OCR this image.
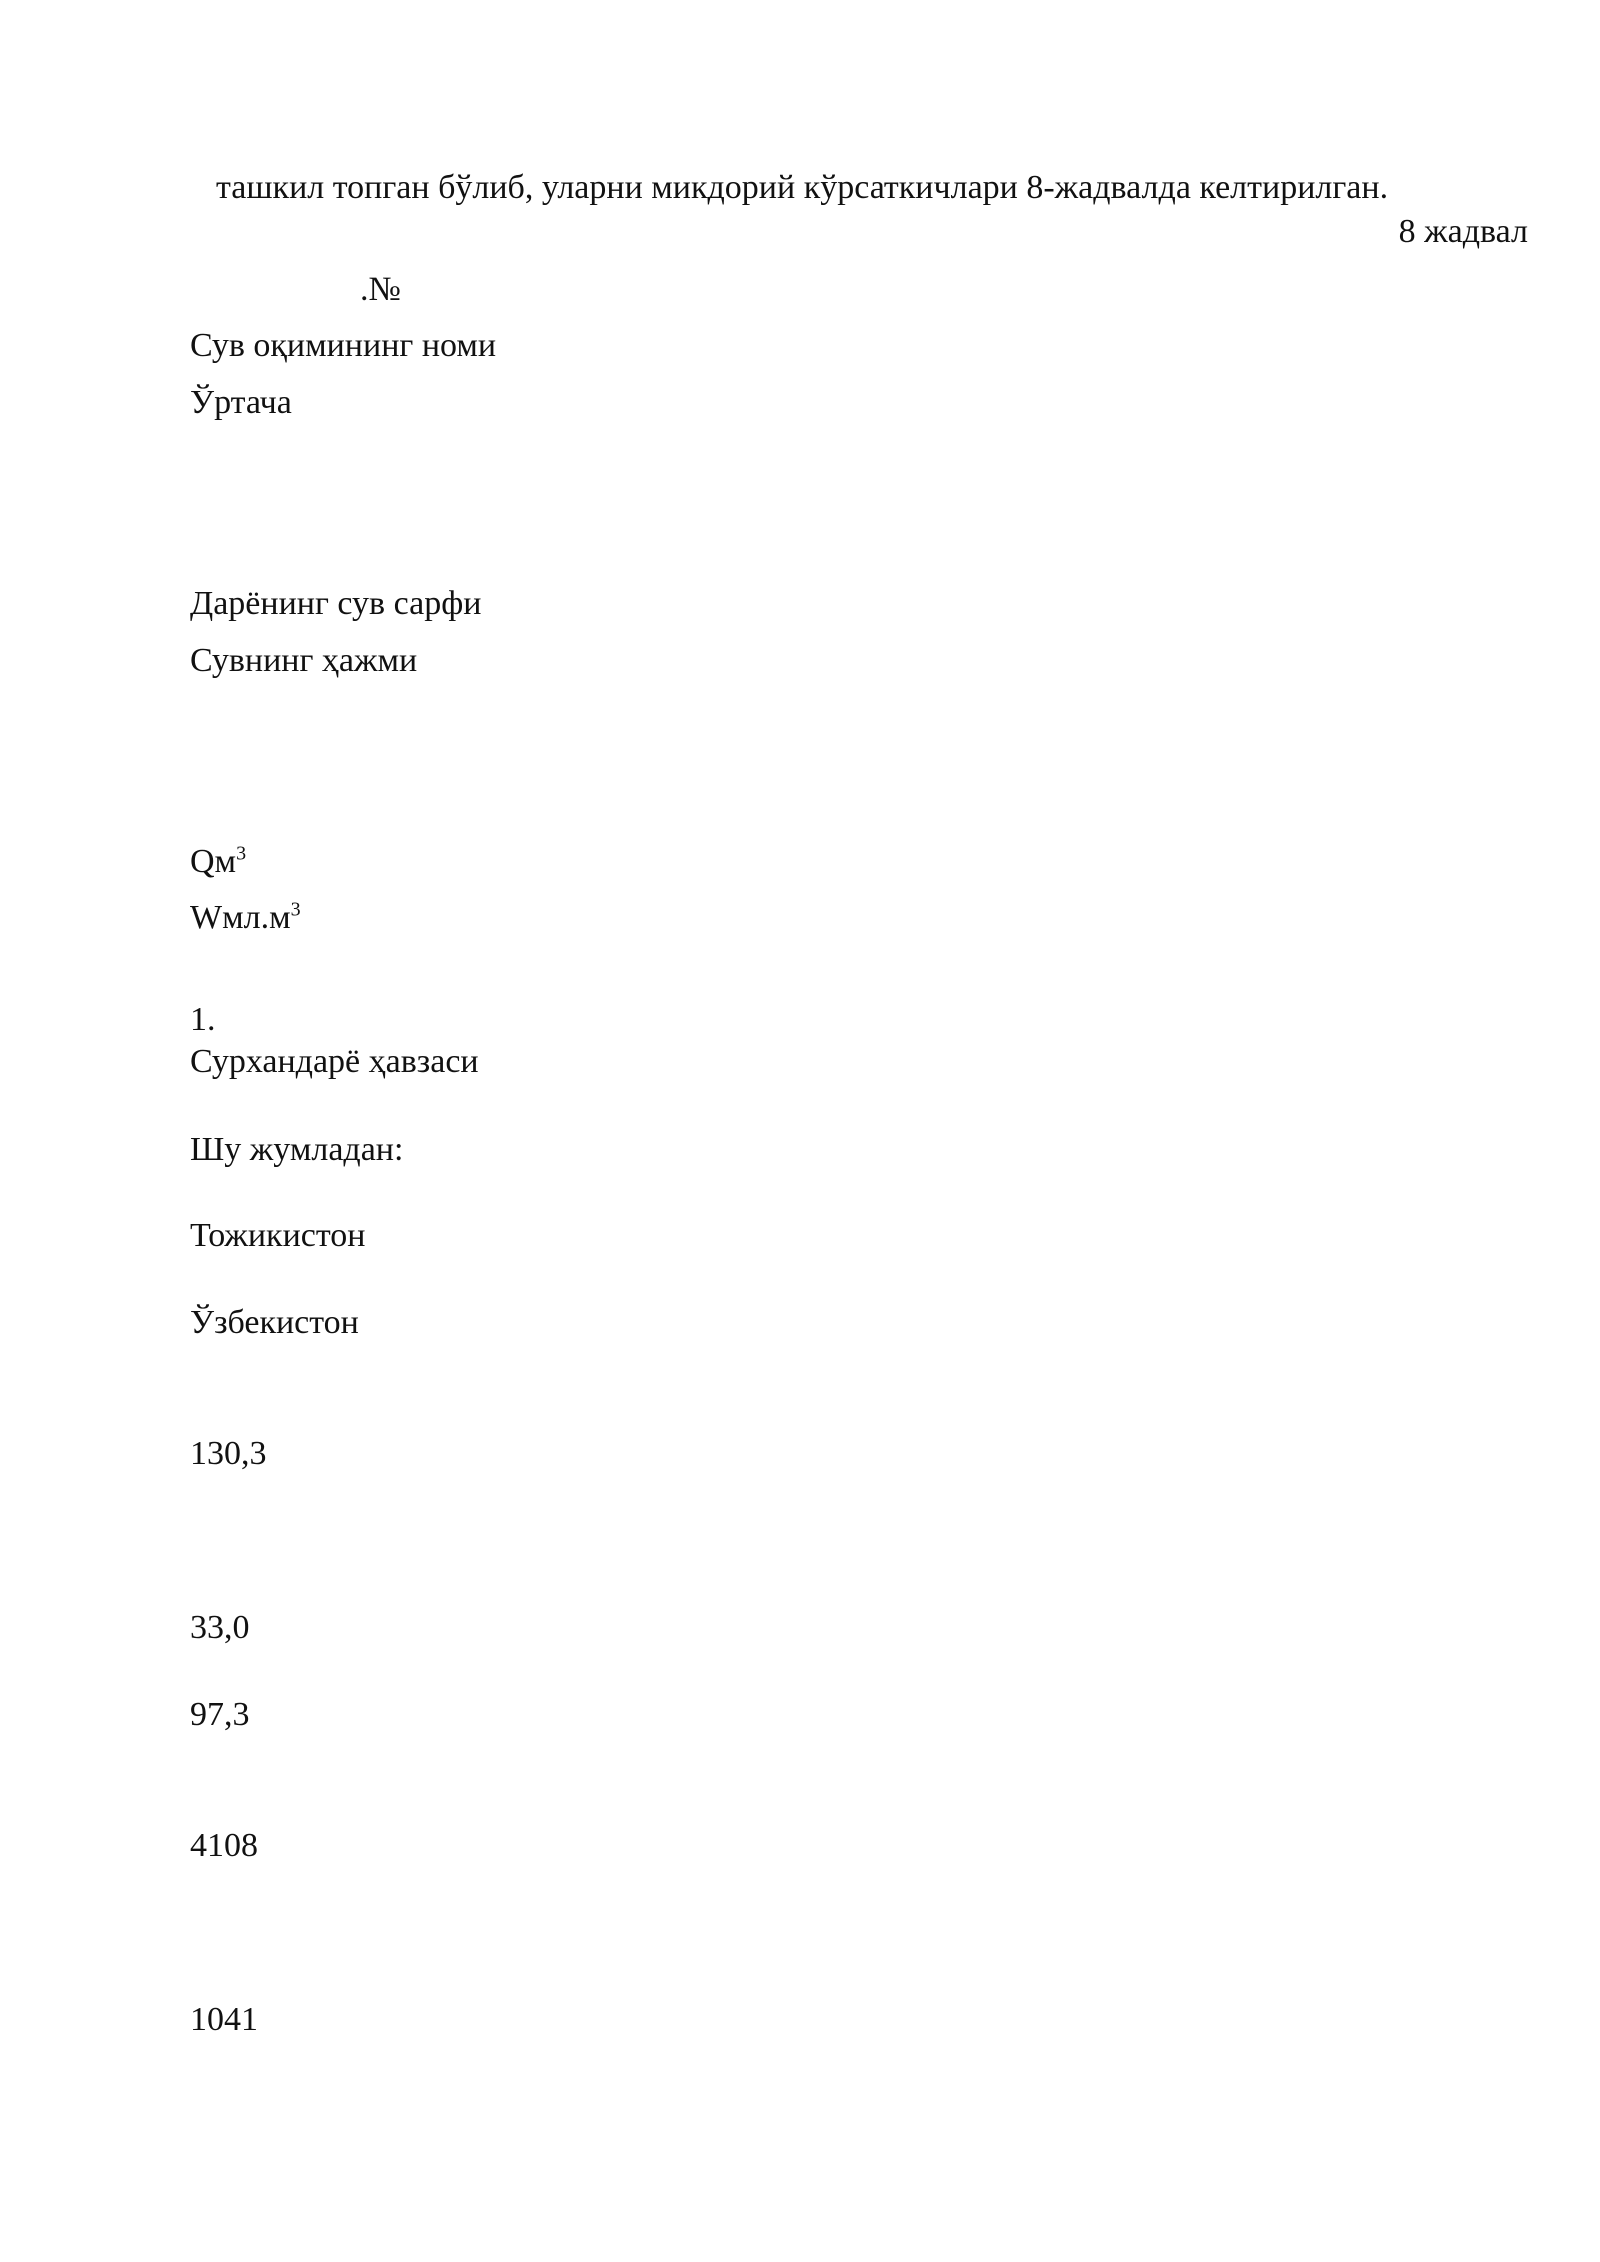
ташкил топган бўлиб, уларни микдорий кўрсаткичлари 8-жадвалда келтирилган.

8 жадвал

.№

Сув оқимининг номи

Ўртача

Дарёнинг сув сарфи

Сувнинг ҳажми

$Qм^3$

$Wмл.м^3$

1.

Сурхандарё ҳавзаси

Шу жумладан:

Тожикистон

Ўзбекистон

130,3

33,0

97,3

4108

1041
